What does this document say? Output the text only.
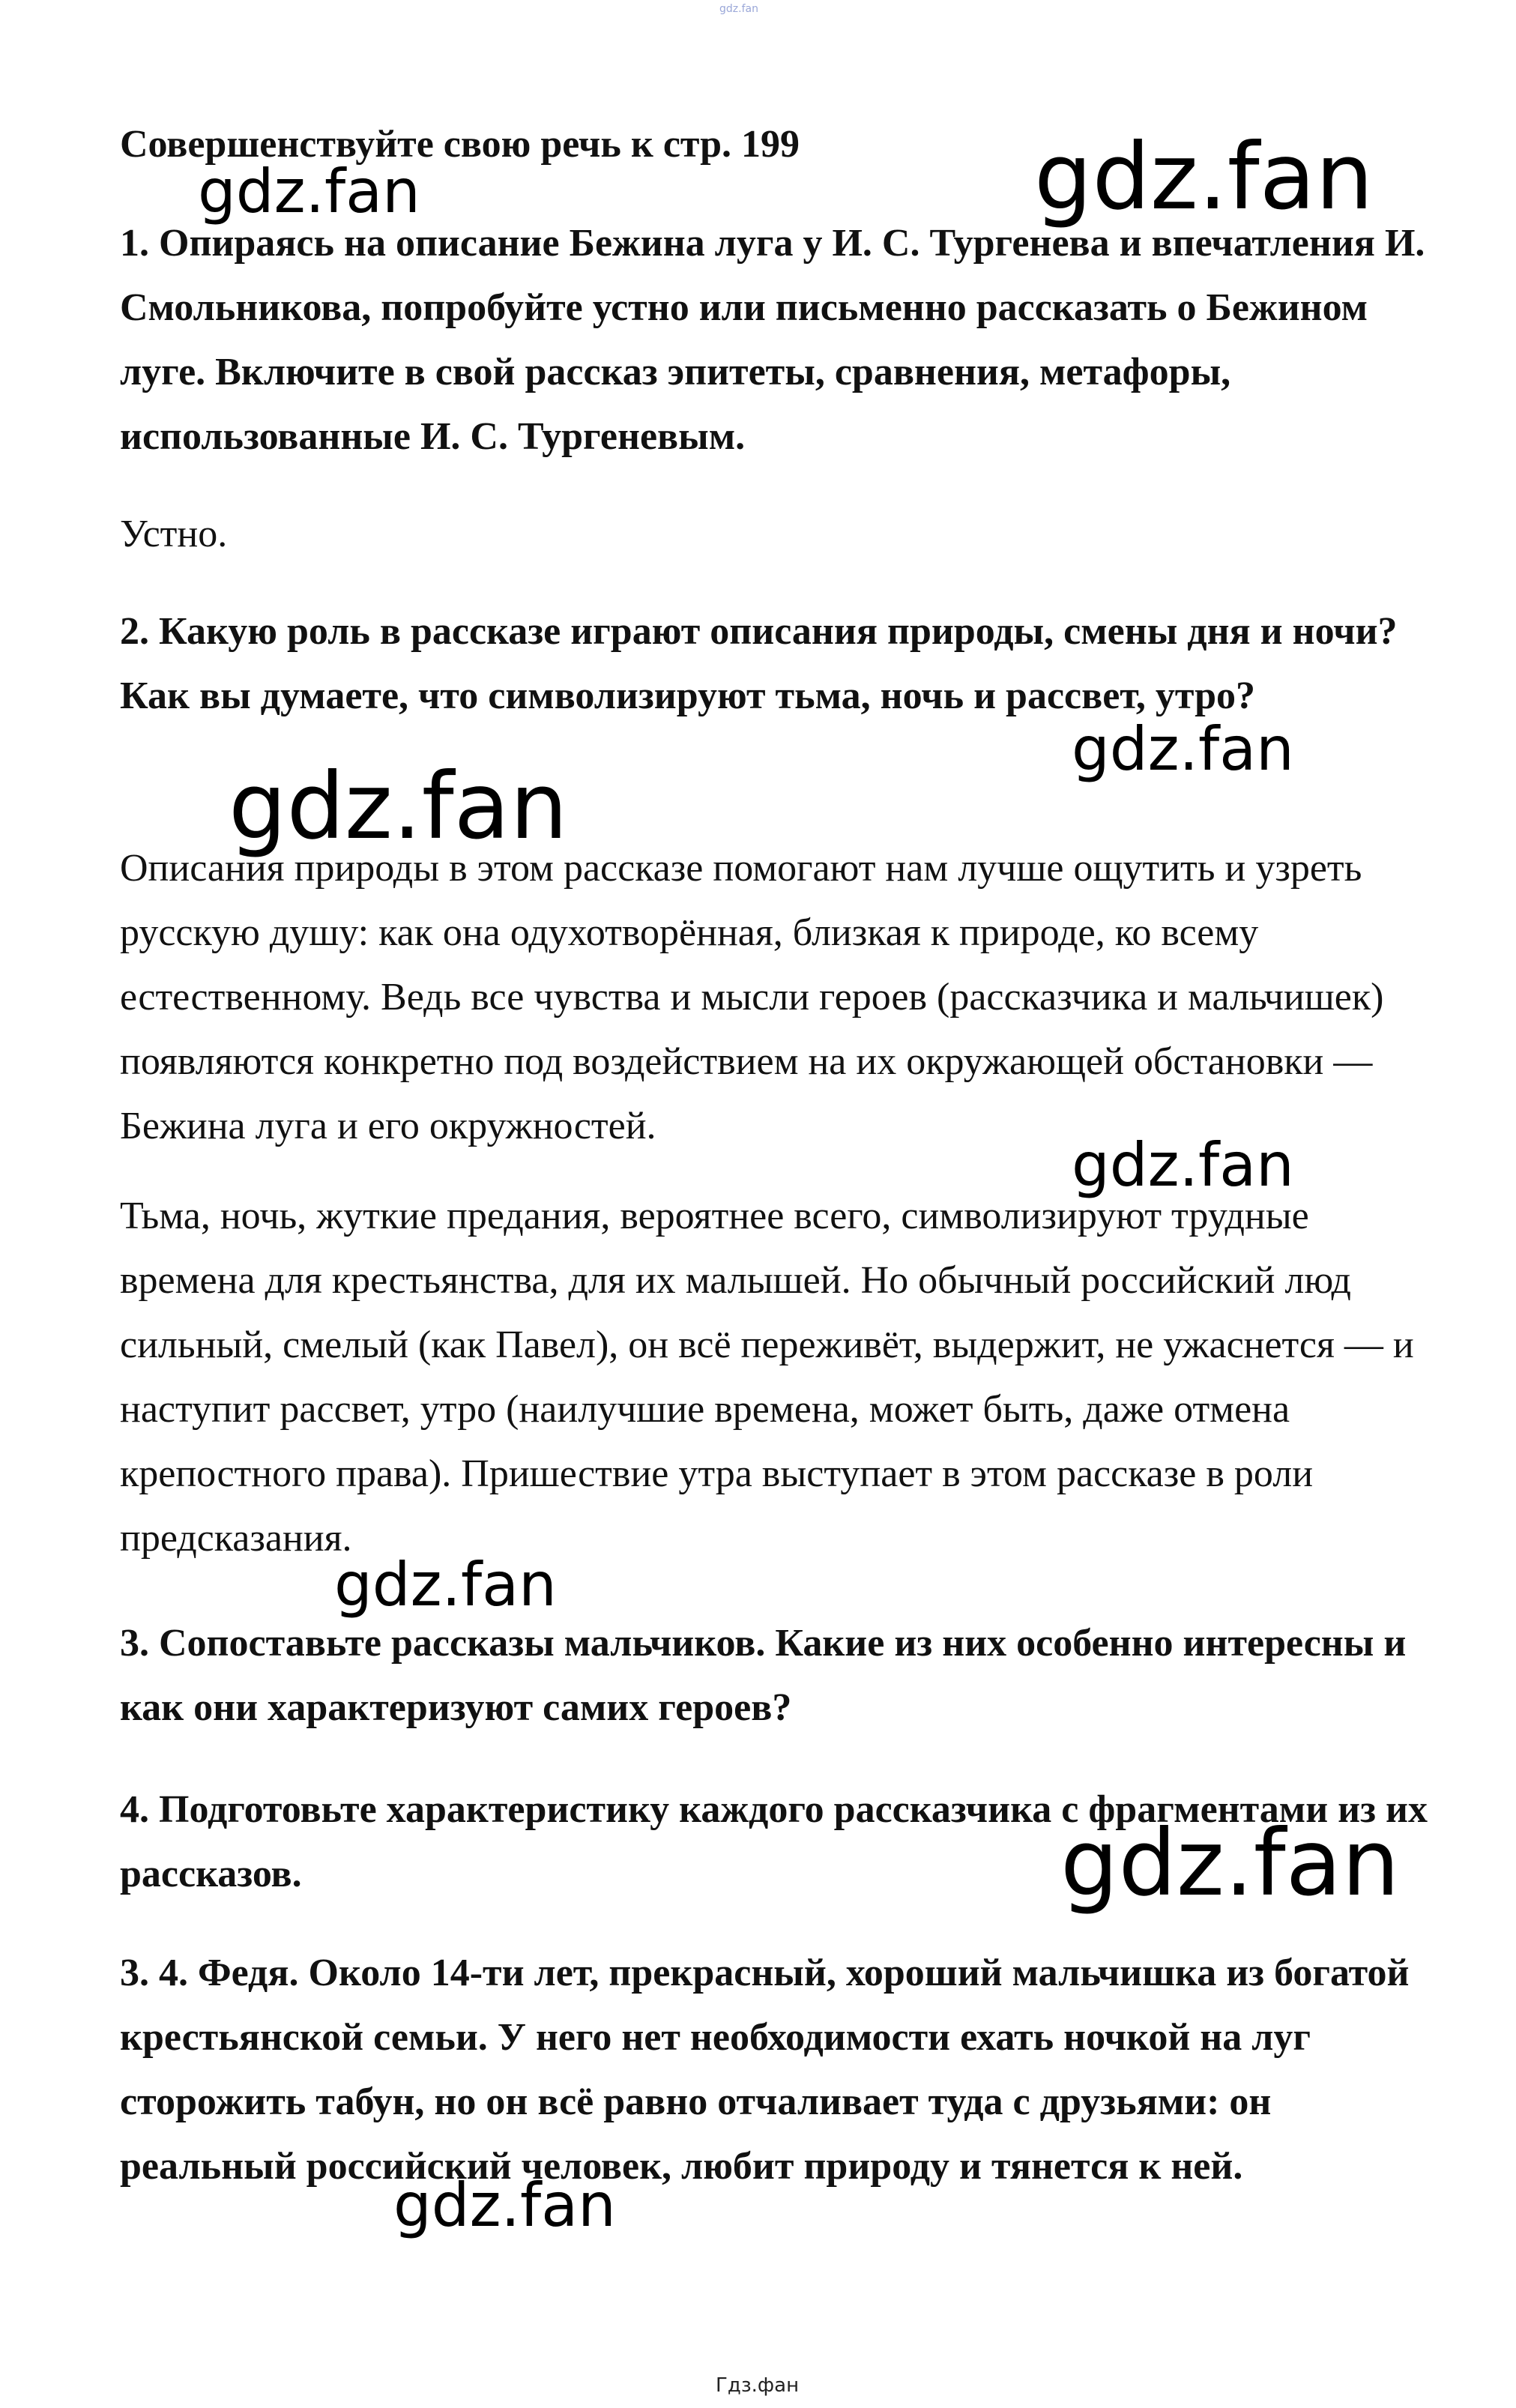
gdz.fan

Совершенствуйте свою речь к стр. 199

1. Опираясь на описание Бежина луга у И. С. Тургенева и впечатления И. Смольникова, попробуйте устно или письменно рассказать о Бежином луге. Включите в свой рассказ эпитеты, сравнения, метафоры, использованные И. С. Тургеневым.

Устно.

2. Какую роль в рассказе играют описания природы, смены дня и ночи? Как вы думаете, что символизируют тьма, ночь и рассвет, утро?

Описания природы в этом рассказе помогают нам лучше ощутить и узреть русскую душу: как она одухотворённая, близкая к природе, ко всему естественному. Ведь все чувства и мысли героев (рассказчика и мальчишек) появляются конкретно под воздействием на их окружающей обстановки — Бежина луга и его окружностей.

Тьма, ночь, жуткие предания, вероятнее всего, символизируют трудные времена для крестьянства, для их малышей. Но обычный российский люд сильный, смелый (как Павел), он всё переживёт, выдержит, не ужаснется — и наступит рассвет, утро (наилучшие времена, может быть, даже отмена крепостного права). Пришествие утра выступает в этом рассказе в роли предсказания.

3. Сопоставьте рассказы мальчиков. Какие из них особенно интересны и как они характеризуют самих героев?

4. Подготовьте характеристику каждого рассказчика с фрагментами из их рассказов.

3. 4. Федя. Около 14-ти лет, прекрасный, хороший мальчишка из богатой крестьянской семьи. У него нет необходимости ехать ночкой на луг сторожить табун, но он всё равно отчаливает туда с друзьями: он реальный российский человек, любит природу и тянется к ней.

gdz.fan	gdz.fan
gdz.fan
gdz.fan
gdz.fan
gdz.fan
gdz.fan
gdz.fan
Гдз.фан
